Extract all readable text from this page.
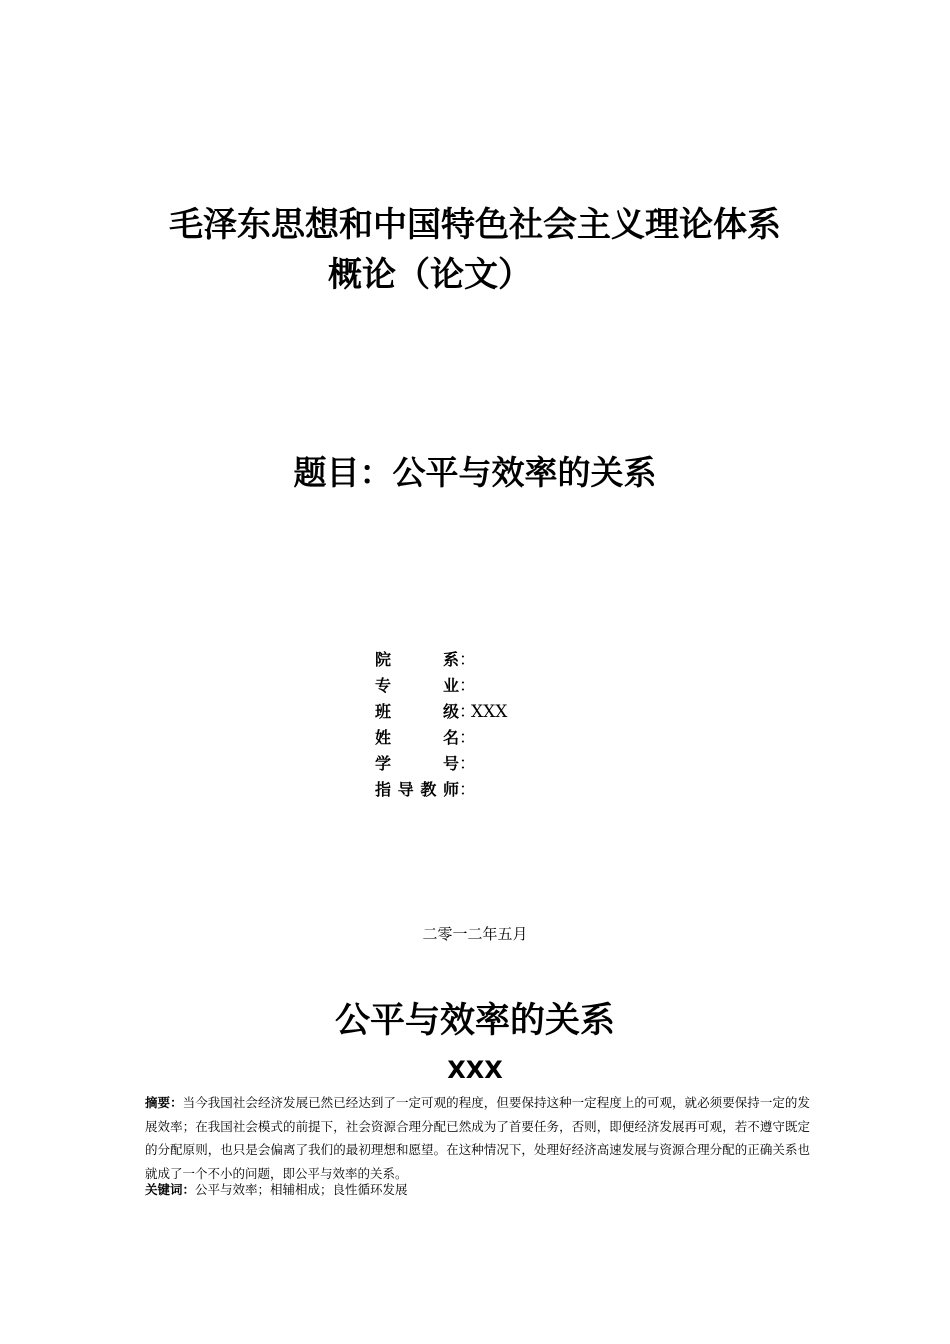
毛泽东思想和中国特色社会主义理论体系
概论（论文）
题目：公平与效率的关系
院系 ：
专业 ：
班级 ：
XXX
姓名 ：
学号 ：
指导教师 ：
二零一二年五月
公平与效率的关系
XXX
摘要：当今我国社会经济发展已然已经达到了一定可观的程度，但要保持这种一定程度上的可观，就必须要保持一定的发展效率；在我国社会模式的前提下，社会资源合理分配已然成为了首要任务，否则，即便经济发展再可观，若不遵守既定的分配原则，也只是会偏离了我们的最初理想和愿望。在这种情况下，处理好经济高速发展与资源合理分配的正确关系也就成了一个不小的问题，即公平与效率的关系。
关键词：公平与效率；相辅相成；良性循环发展
